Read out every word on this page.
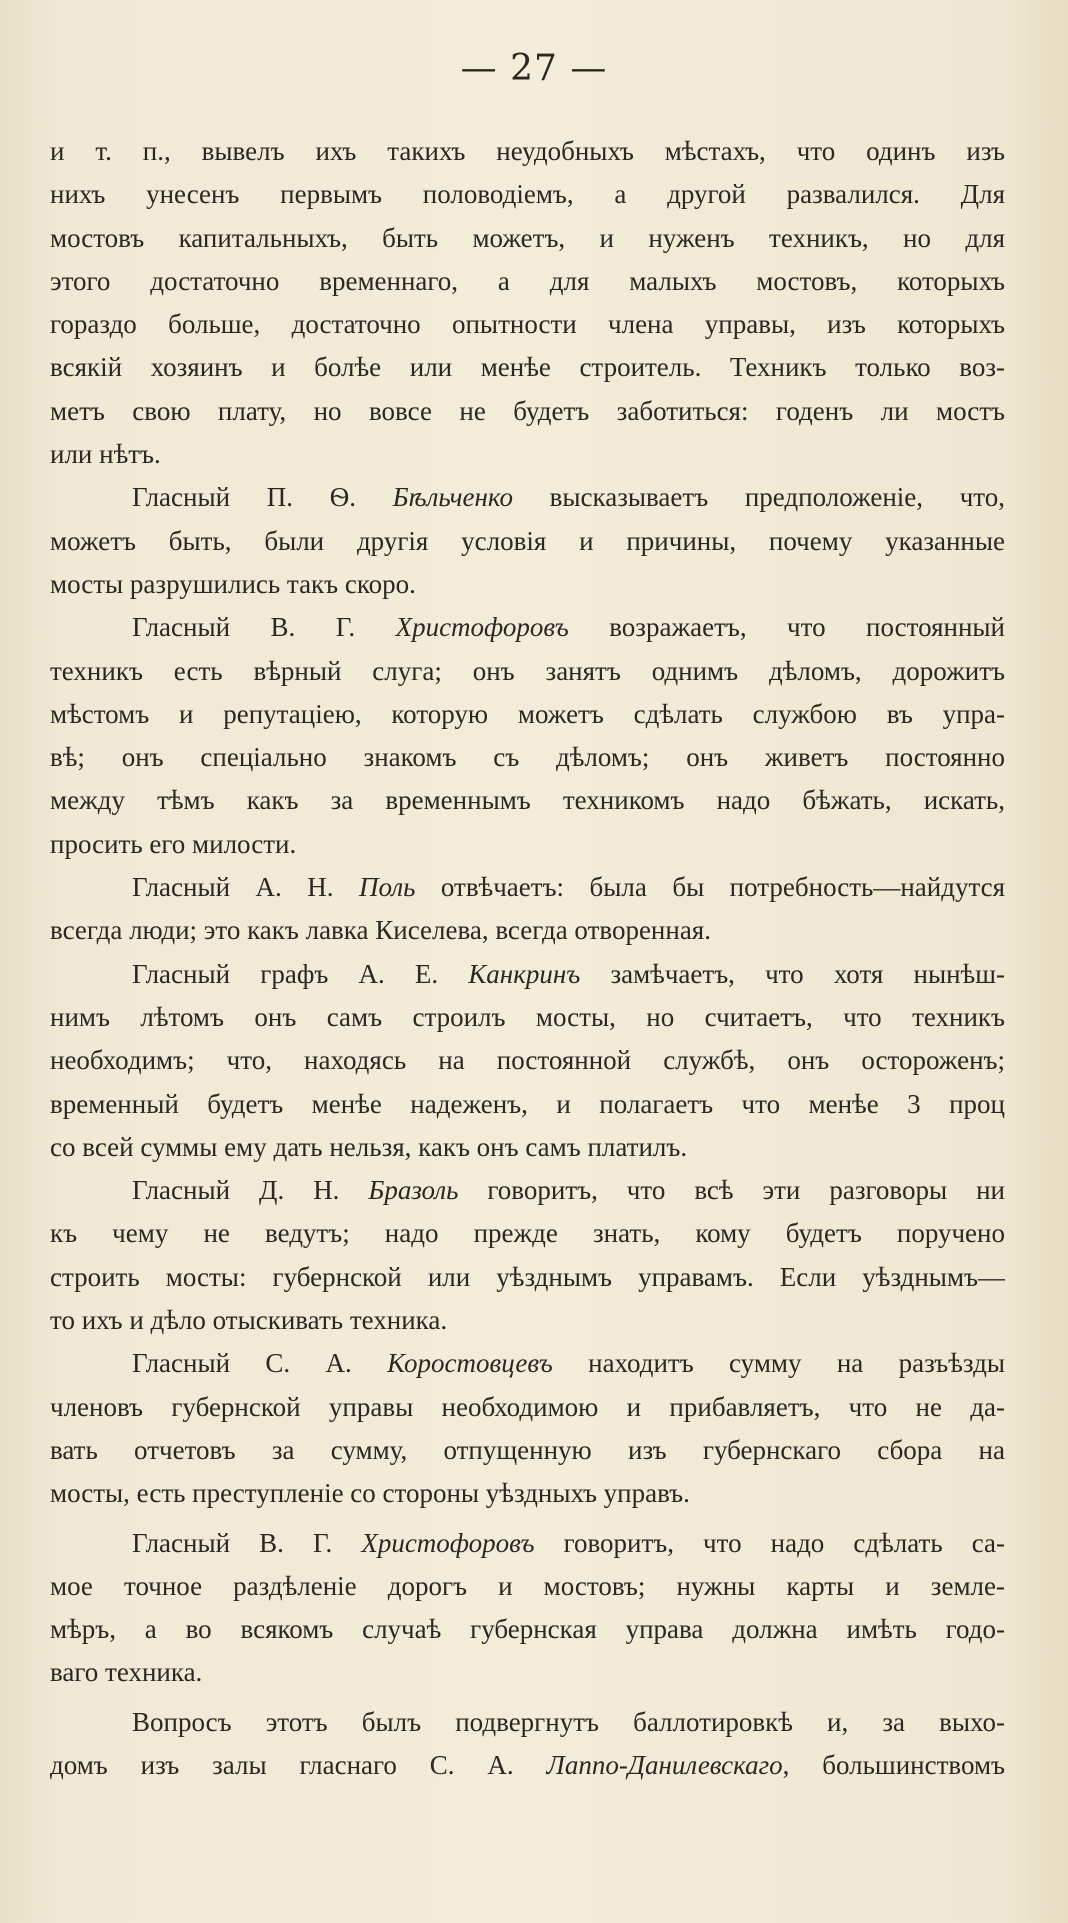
— 27 —
и т. п., вывелъ ихъ такихъ неудобныхъ мѣстахъ, что одинъ изъ
нихъ унесенъ первымъ половодіемъ, а другой развалился. Для
мостовъ капитальныхъ, быть можетъ, и нуженъ техникъ, но для
этого достаточно временнаго, а для малыхъ мостовъ, которыхъ
гораздо больше, достаточно опытности члена управы, изъ которыхъ
всякій хозяинъ и болѣе или менѣе строитель. Техникъ только воз-
метъ свою плату, но вовсе не будетъ заботиться: годенъ ли мостъ
или нѣтъ.
Гласный П. Ѳ. Бѣльченко высказываетъ предположеніе, что,
можетъ быть, были другія условія и причины, почему указанные
мосты разрушились такъ скоро.
Гласный В. Г. Христофоровъ возражаетъ, что постоянный
техникъ есть вѣрный слуга; онъ занятъ однимъ дѣломъ, дорожитъ
мѣстомъ и репутаціею, которую можетъ сдѣлать службою въ упра-
вѣ; онъ спеціально знакомъ съ дѣломъ; онъ живетъ постоянно
между тѣмъ какъ за временнымъ техникомъ надо бѣжать, искать,
просить его милости.
Гласный А. Н. Поль отвѣчаетъ: была бы потребность—найдутся
всегда люди; это какъ лавка Киселева, всегда отворенная.
Гласный графъ А. Е. Канкринъ замѣчаетъ, что хотя нынѣш-
нимъ лѣтомъ онъ самъ строилъ мосты, но считаетъ, что техникъ
необходимъ; что, находясь на постоянной службѣ, онъ остороженъ;
временный будетъ менѣе надеженъ, и полагаетъ что менѣе 3 проц
со всей суммы ему дать нельзя, какъ онъ самъ платилъ.
Гласный Д. Н. Бразоль говоритъ, что всѣ эти разговоры ни
къ чему не ведутъ; надо прежде знать, кому будетъ поручено
строить мосты: губернской или уѣзднымъ управамъ. Если уѣзднымъ—
то ихъ и дѣло отыскивать техника.
Гласный С. А. Коростовцевъ находитъ сумму на разъѣзды
членовъ губернской управы необходимою и прибавляетъ, что не да-
вать отчетовъ за сумму, отпущенную изъ губернскаго сбора на
мосты, есть преступленіе со стороны уѣздныхъ управъ.
Гласный В. Г. Христофоровъ говоритъ, что надо сдѣлать са-
мое точное раздѣленіе дорогъ и мостовъ; нужны карты и земле-
мѣръ, а во всякомъ случаѣ губернская управа должна имѣть годо-
ваго техника.
Вопросъ этотъ былъ подвергнутъ баллотировкѣ и, за выхо-
домъ изъ залы гласнаго С. А. Лаппо-Данилевскаго, большинствомъ
